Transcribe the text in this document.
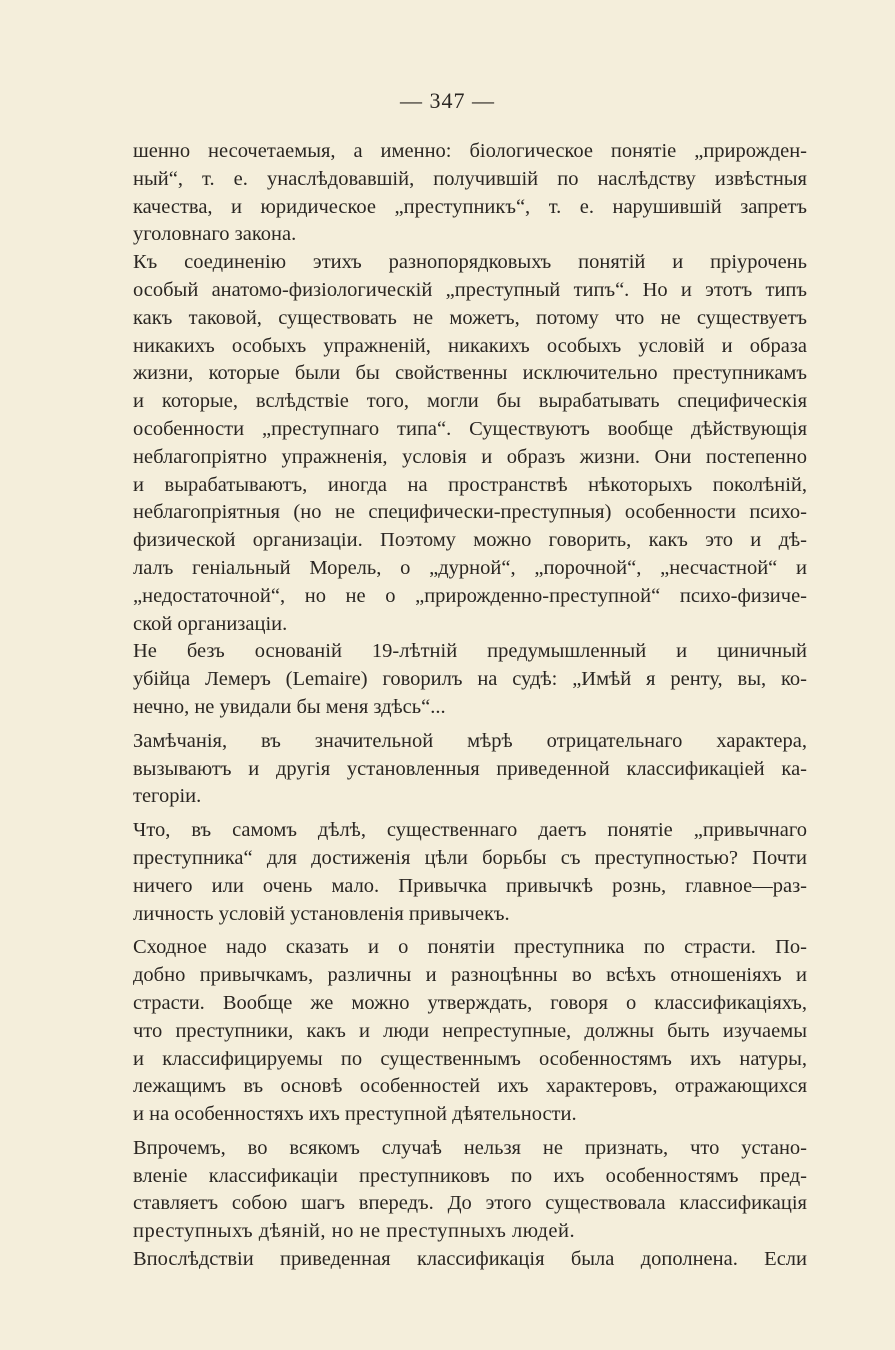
— 347 —
шенно несочетаемыя, а именно: біологическое понятіе „прирожден-
ный“, т. е. унаслѣдовавшій, получившій по наслѣдству извѣстныя
качества, и юридическое „преступникъ“, т. е. нарушившій запретъ
уголовнаго закона.
Къ соединенію этихъ разнопорядковыхъ понятій и пріурочень
особый анатомо-физіологическій „преступный типъ“. Но и этотъ типъ
какъ таковой, существовать не можетъ, потому что не существуетъ
никакихъ особыхъ упражненій, никакихъ особыхъ условій и образа
жизни, которые были бы свойственны исключительно преступникамъ
и которые, вслѣдствіе того, могли бы вырабатывать специфическія
особенности „преступнаго типа“. Существуютъ вообще дѣйствующія
неблагопріятно упражненія, условія и образъ жизни. Они постепенно
и вырабатываютъ, иногда на пространствѣ нѣкоторыхъ поколѣній,
неблагопріятныя (но не специфически-преступныя) особенности психо-
физической организаціи. Поэтому можно говорить, какъ это и дѣ-
лалъ геніальный Морель, о „дурной“, „порочной“, „несчастной“ и
„недостаточной“, но не о „прирожденно-преступной“ психо-физиче-
ской организаціи.
Не безъ основаній 19-лѣтній предумышленный и циничный
убійца Лемеръ (Lemaire) говорилъ на судѣ: „Имѣй я ренту, вы, ко-
нечно, не увидали бы меня здѣсь“...
Замѣчанія, въ значительной мѣрѣ отрицательнаго характера,
вызываютъ и другія установленныя приведенной классификаціей ка-
тегоріи.
Что, въ самомъ дѣлѣ, существеннаго даетъ понятіе „привычнаго
преступника“ для достиженія цѣли борьбы съ преступностью? Почти
ничего или очень мало. Привычка привычкѣ рознь, главное—раз-
личность условій установленія привычекъ.
Сходное надо сказать и о понятіи преступника по страсти. По-
добно привычкамъ, различны и разноцѣнны во всѣхъ отношеніяхъ и
страсти. Вообще же можно утверждать, говоря о классификаціяхъ,
что преступники, какъ и люди непреступные, должны быть изучаемы
и классифицируемы по существеннымъ особенностямъ ихъ натуры,
лежащимъ въ основѣ особенностей ихъ характеровъ, отражающихся
и на особенностяхъ ихъ преступной дѣятельности.
Впрочемъ, во всякомъ случаѣ нельзя не признать, что устано-
вленіе классификаціи преступниковъ по ихъ особенностямъ пред-
ставляетъ собою шагъ впередъ. До этого существовала классификація
преступныхъ дѣяній, но не преступныхъ людей.
Впослѣдствіи приведенная классификація была дополнена. Если
